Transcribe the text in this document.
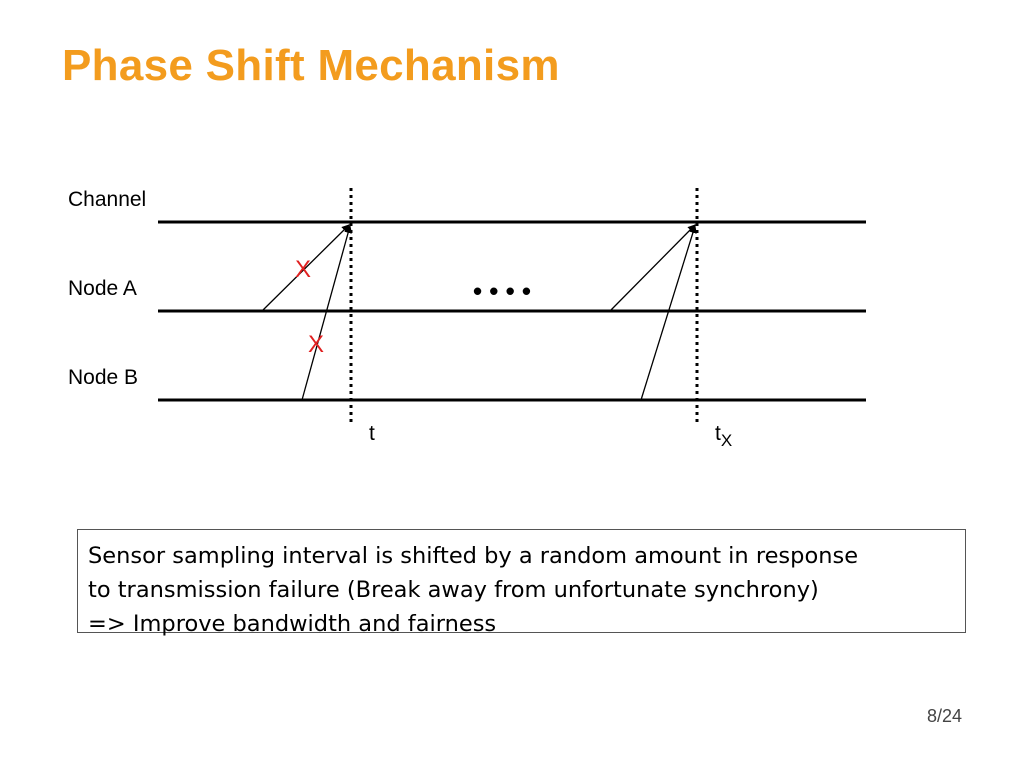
Phase Shift Mechanism
Channel
Node A
Node B
X
X
• • • •
t	$t_X$
Sensor sampling interval is shifted by a random amount in response
to transmission failure (Break away from unfortunate synchrony)
=> Improve bandwidth and fairness
8/24
